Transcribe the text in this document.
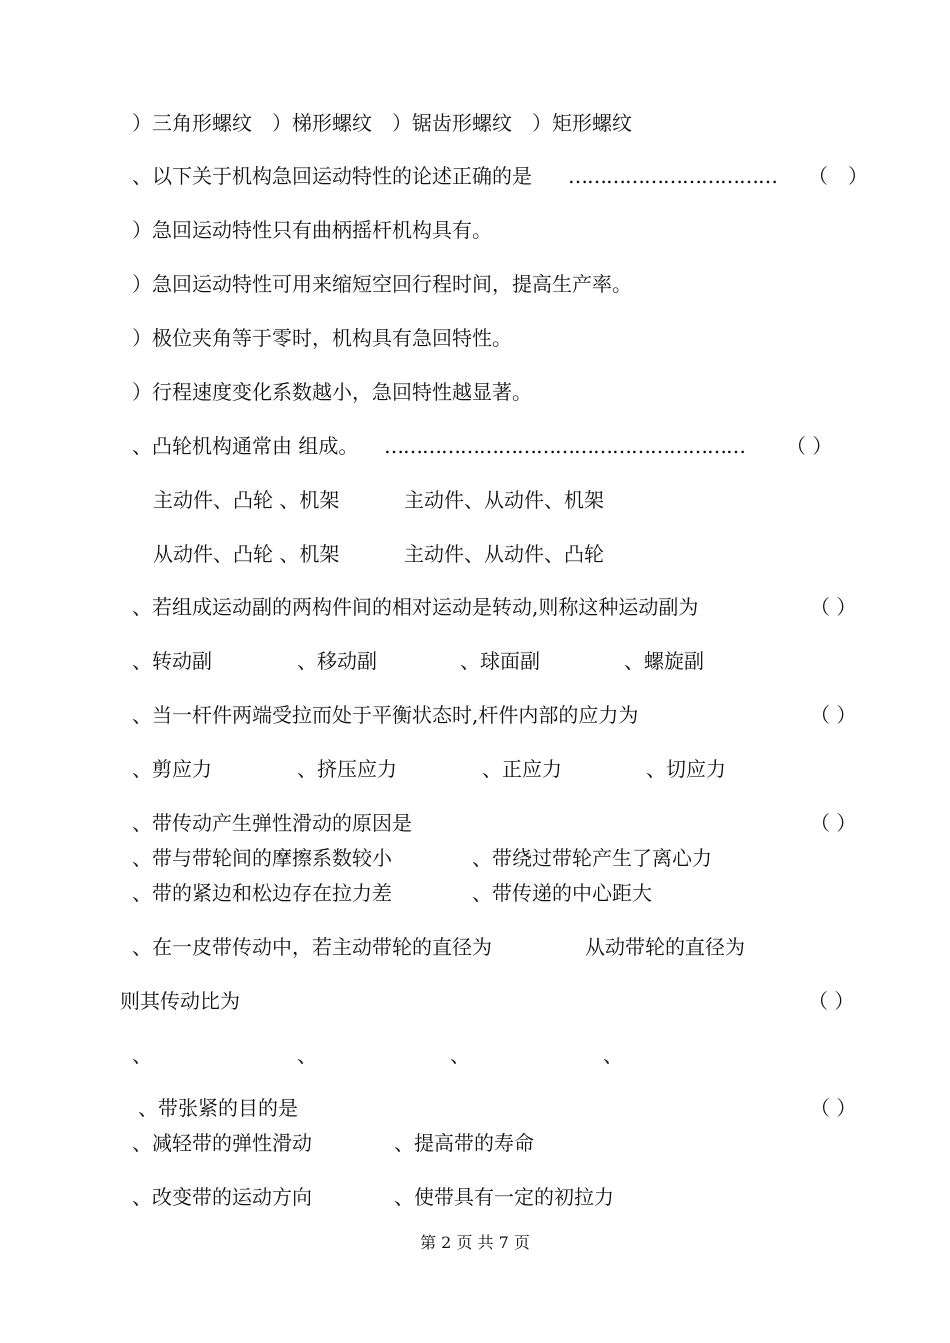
）三角形螺纹　）梯形螺纹　）锯齿形螺纹　）矩形螺纹
、以下关于机构急回运动特性的论述正确的是 …………………………… （　）
）急回运动特性只有曲柄摇杆机构具有。
）急回运动特性可用来缩短空回行程时间，提高生产率。
）极位夹角等于零时，机构具有急回特性。
）行程速度变化系数越小，急回特性越显著。
、凸轮机构通常由 组成。 ………………………………………………… （ ）
主动件、凸轮 、机架	主动件、从动件、机架
从动件、凸轮 、机架	主动件、从动件、凸轮
、若组成运动副的两构件间的相对运动是转动,则称这种运动副为	（ ）
、转动副	、移动副	、球面副	、螺旋副
、当一杆件两端受拉而处于平衡状态时,杆件内部的应力为	（ ）
、剪应力	、挤压应力	、正应力	、切应力
、带传动产生弹性滑动的原因是	（ ）
、带与带轮间的摩擦系数较小	、带绕过带轮产生了离心力
、带的紧边和松边存在拉力差	、带传递的中心距大
、在一皮带传动中，若主动带轮的直径为	从动带轮的直径为
则其传动比为	（ ）
、	、	、	、
、带张紧的目的是	（ ）
、减轻带的弹性滑动	、提高带的寿命
、改变带的运动方向	、使带具有一定的初拉力
第 2 页 共 7 页
